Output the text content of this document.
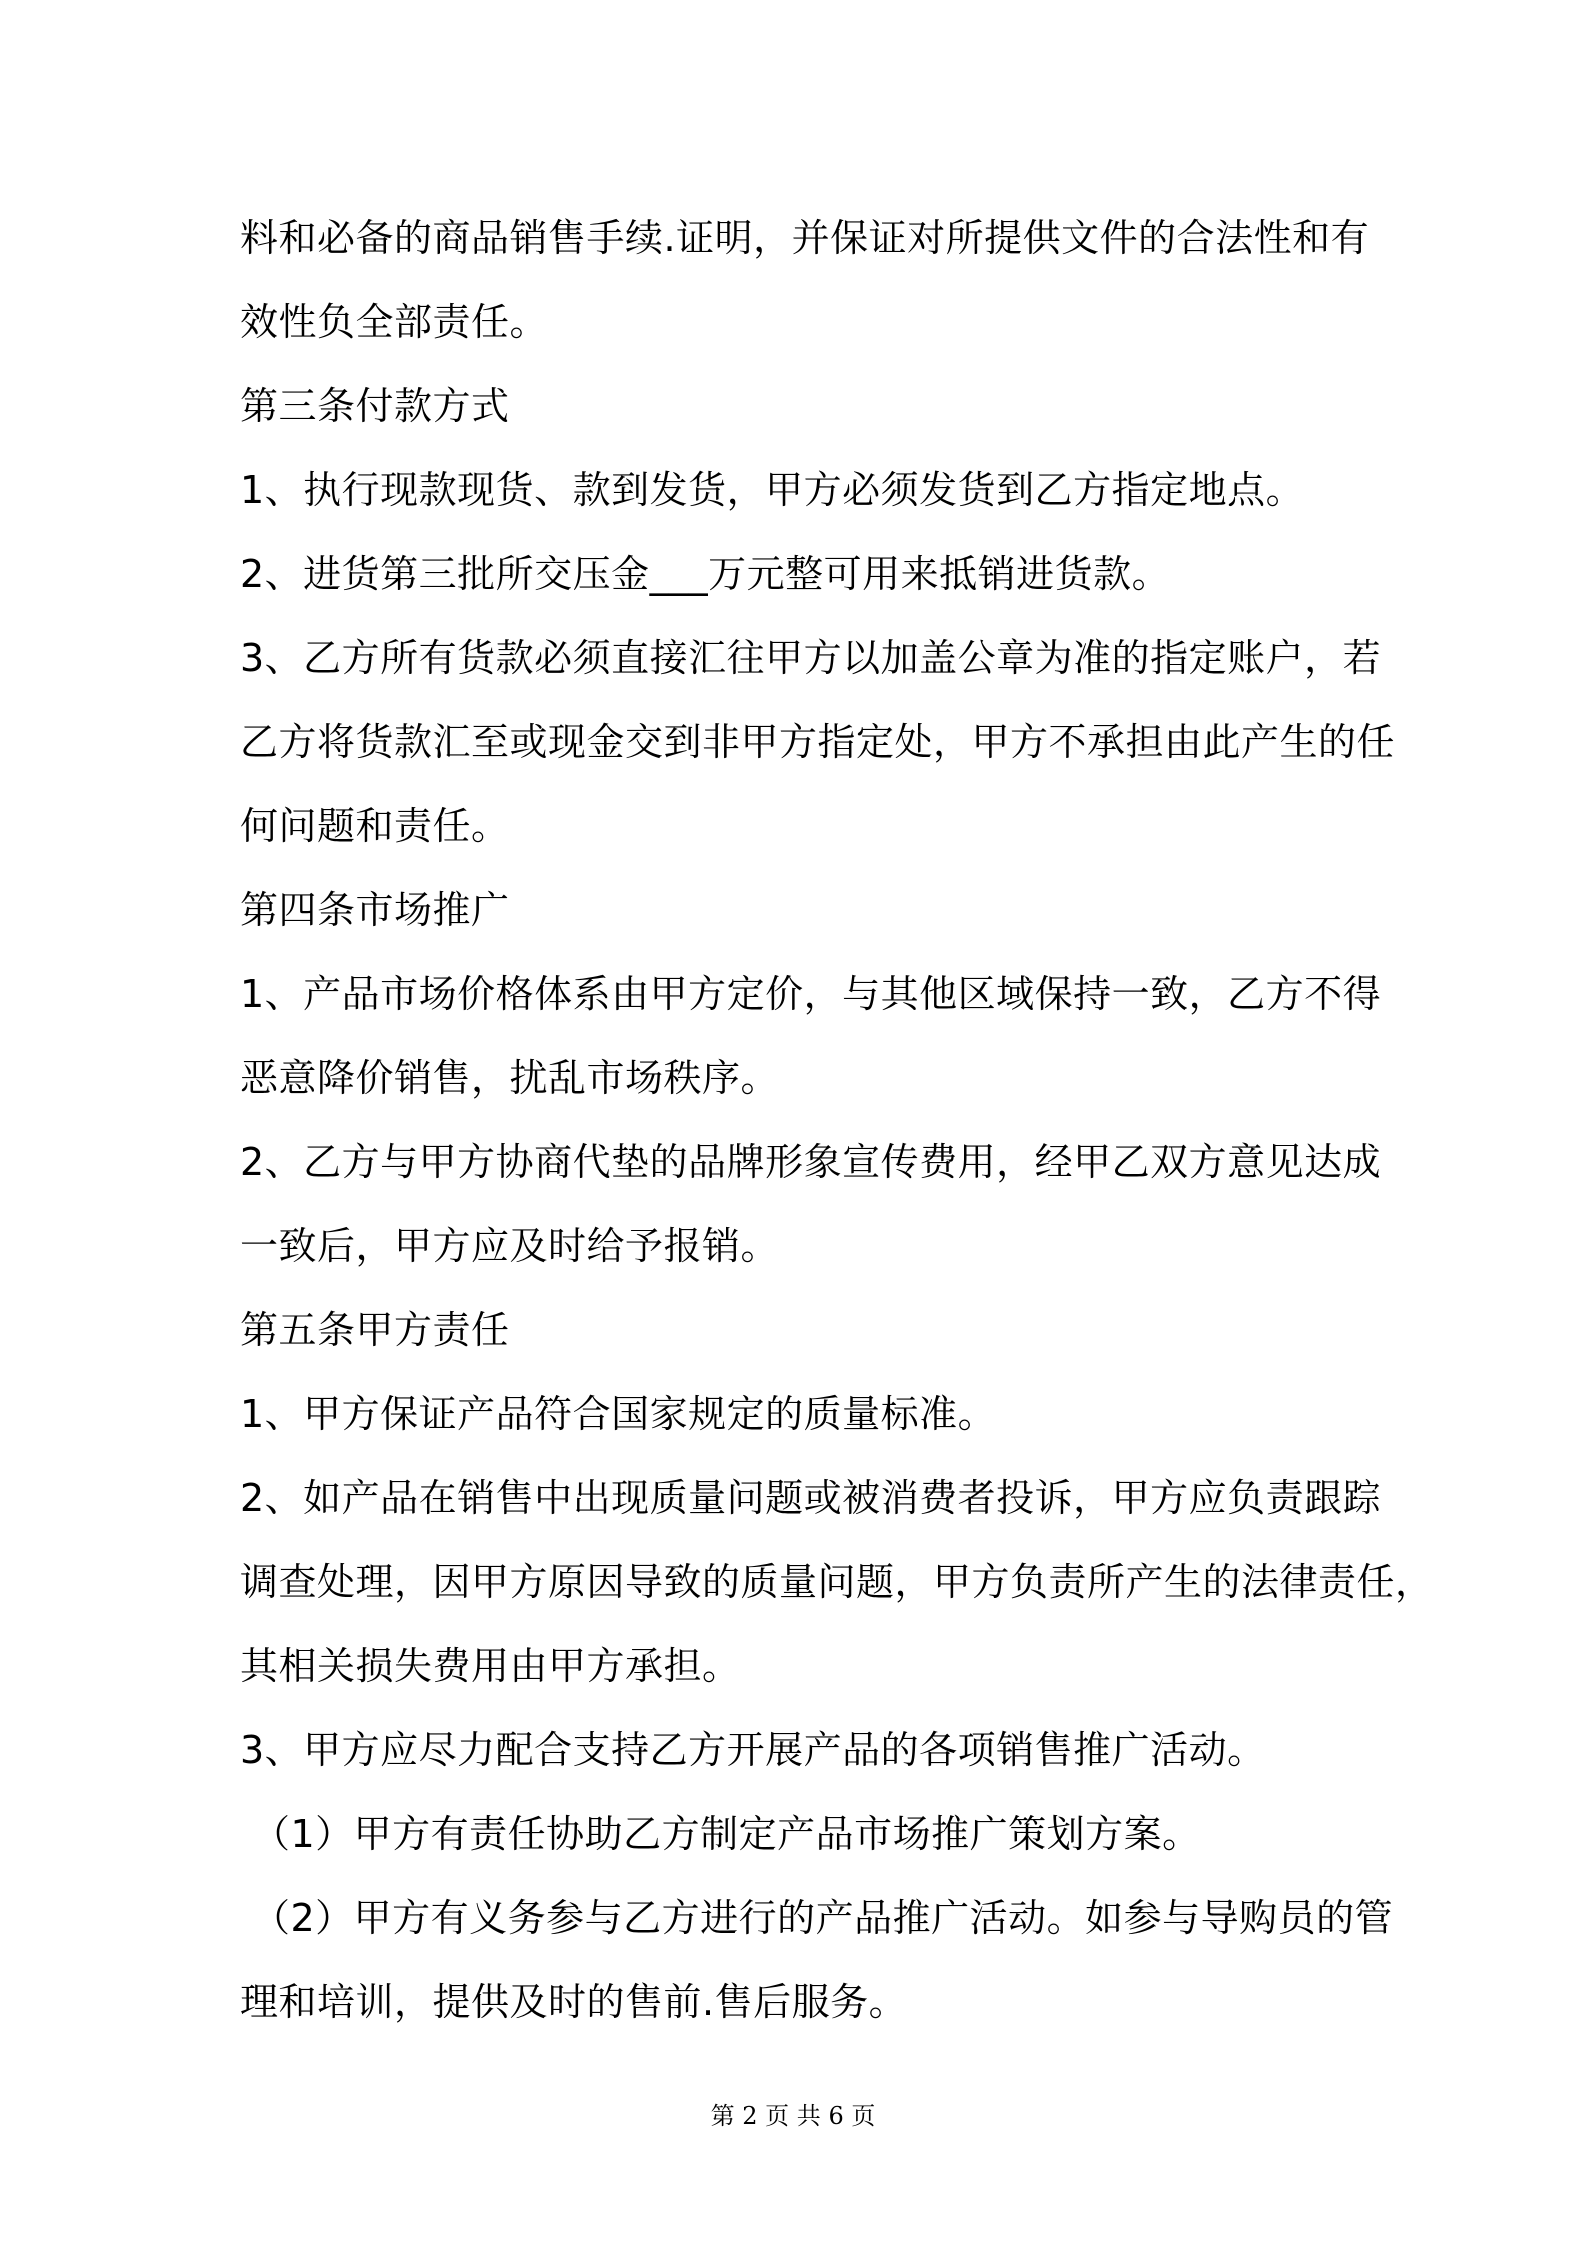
料和必备的商品销售手续.证明，并保证对所提供文件的合法性和有
效性负全部责任。
第三条付款方式
1、执行现款现货、款到发货，甲方必须发货到乙方指定地点。
2、进货第三批所交压金___万元整可用来抵销进货款。
3、乙方所有货款必须直接汇往甲方以加盖公章为准的指定账户，若
乙方将货款汇至或现金交到非甲方指定处，甲方不承担由此产生的任
何问题和责任。
第四条市场推广
1、产品市场价格体系由甲方定价，与其他区域保持一致，乙方不得
恶意降价销售，扰乱市场秩序。
2、乙方与甲方协商代垫的品牌形象宣传费用，经甲乙双方意见达成
一致后，甲方应及时给予报销。
第五条甲方责任
1、甲方保证产品符合国家规定的质量标准。
2、如产品在销售中出现质量问题或被消费者投诉，甲方应负责跟踪
调查处理，因甲方原因导致的质量问题，甲方负责所产生的法律责任，
其相关损失费用由甲方承担。
3、甲方应尽力配合支持乙方开展产品的各项销售推广活动。
（1）甲方有责任协助乙方制定产品市场推广策划方案。
（2）甲方有义务参与乙方进行的产品推广活动。如参与导购员的管
理和培训，提供及时的售前.售后服务。
第 2 页 共 6 页
